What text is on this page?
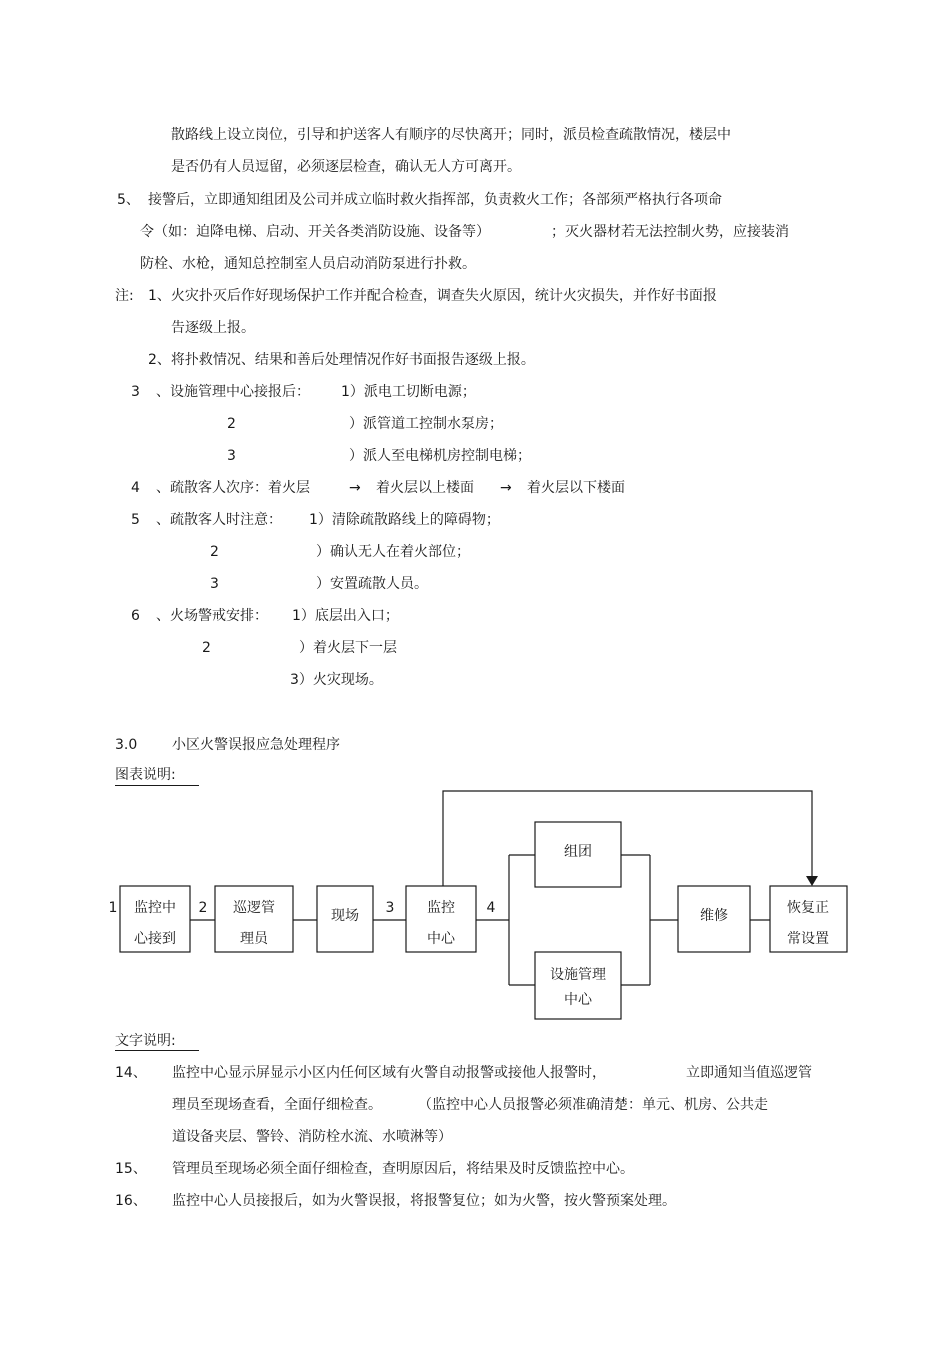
散路线上设立岗位，引导和护送客人有顺序的尽快离开；同时，派员检查疏散情况，楼层中
是否仍有人员逗留，必须逐层检查，确认无人方可离开。
5、 接警后，立即通知组团及公司并成立临时救火指挥部，负责救火工作；各部须严格执行各项命
令（如：迫降电梯、启动、开关各类消防设施、设备等）	；灭火器材若无法控制火势，应接装消
防栓、水枪，通知总控制室人员启动消防泵进行扑救。
注: 1、火灾扑灭后作好现场保护工作并配合检查，调查失火原因，统计火灾损失，并作好书面报
告逐级上报。
2、将扑救情况、结果和善后处理情况作好书面报告逐级上报。
3 、设施管理中心接报后： 1）派电工切断电源；
2	）派管道工控制水泵房；
3	）派人至电梯机房控制电梯；
4 、疏散客人次序：着火层	→ 着火层以上楼面 → 着火层以下楼面
5 、疏散客人时注意： 1）清除疏散路线上的障碍物；
2	）确认无人在着火部位；
3	）安置疏散人员。
6 、火场警戒安排： 1）底层出入口；
2	）着火层下一层
3）火灾现场。
3.0 小区火警误报应急处理程序
图表说明:
1	2	3	4
监控中
心接到
巡逻管
理员
现场	监控
中心
组团
设施管理
中心
维修	恢复正
常设置
文字说明:
14、 监控中心显示屏显示小区内任何区域有火警自动报警或接他人报警时，	立即通知当值巡逻管
理员至现场查看，全面仔细检查。	（监控中心人员报警必须准确清楚：单元、机房、公共走
道设备夹层、警铃、消防栓水流、水喷淋等）
15、 管理员至现场必须全面仔细检查，查明原因后，将结果及时反馈监控中心。
16、 监控中心人员接报后，如为火警误报，将报警复位；如为火警，按火警预案处理。
